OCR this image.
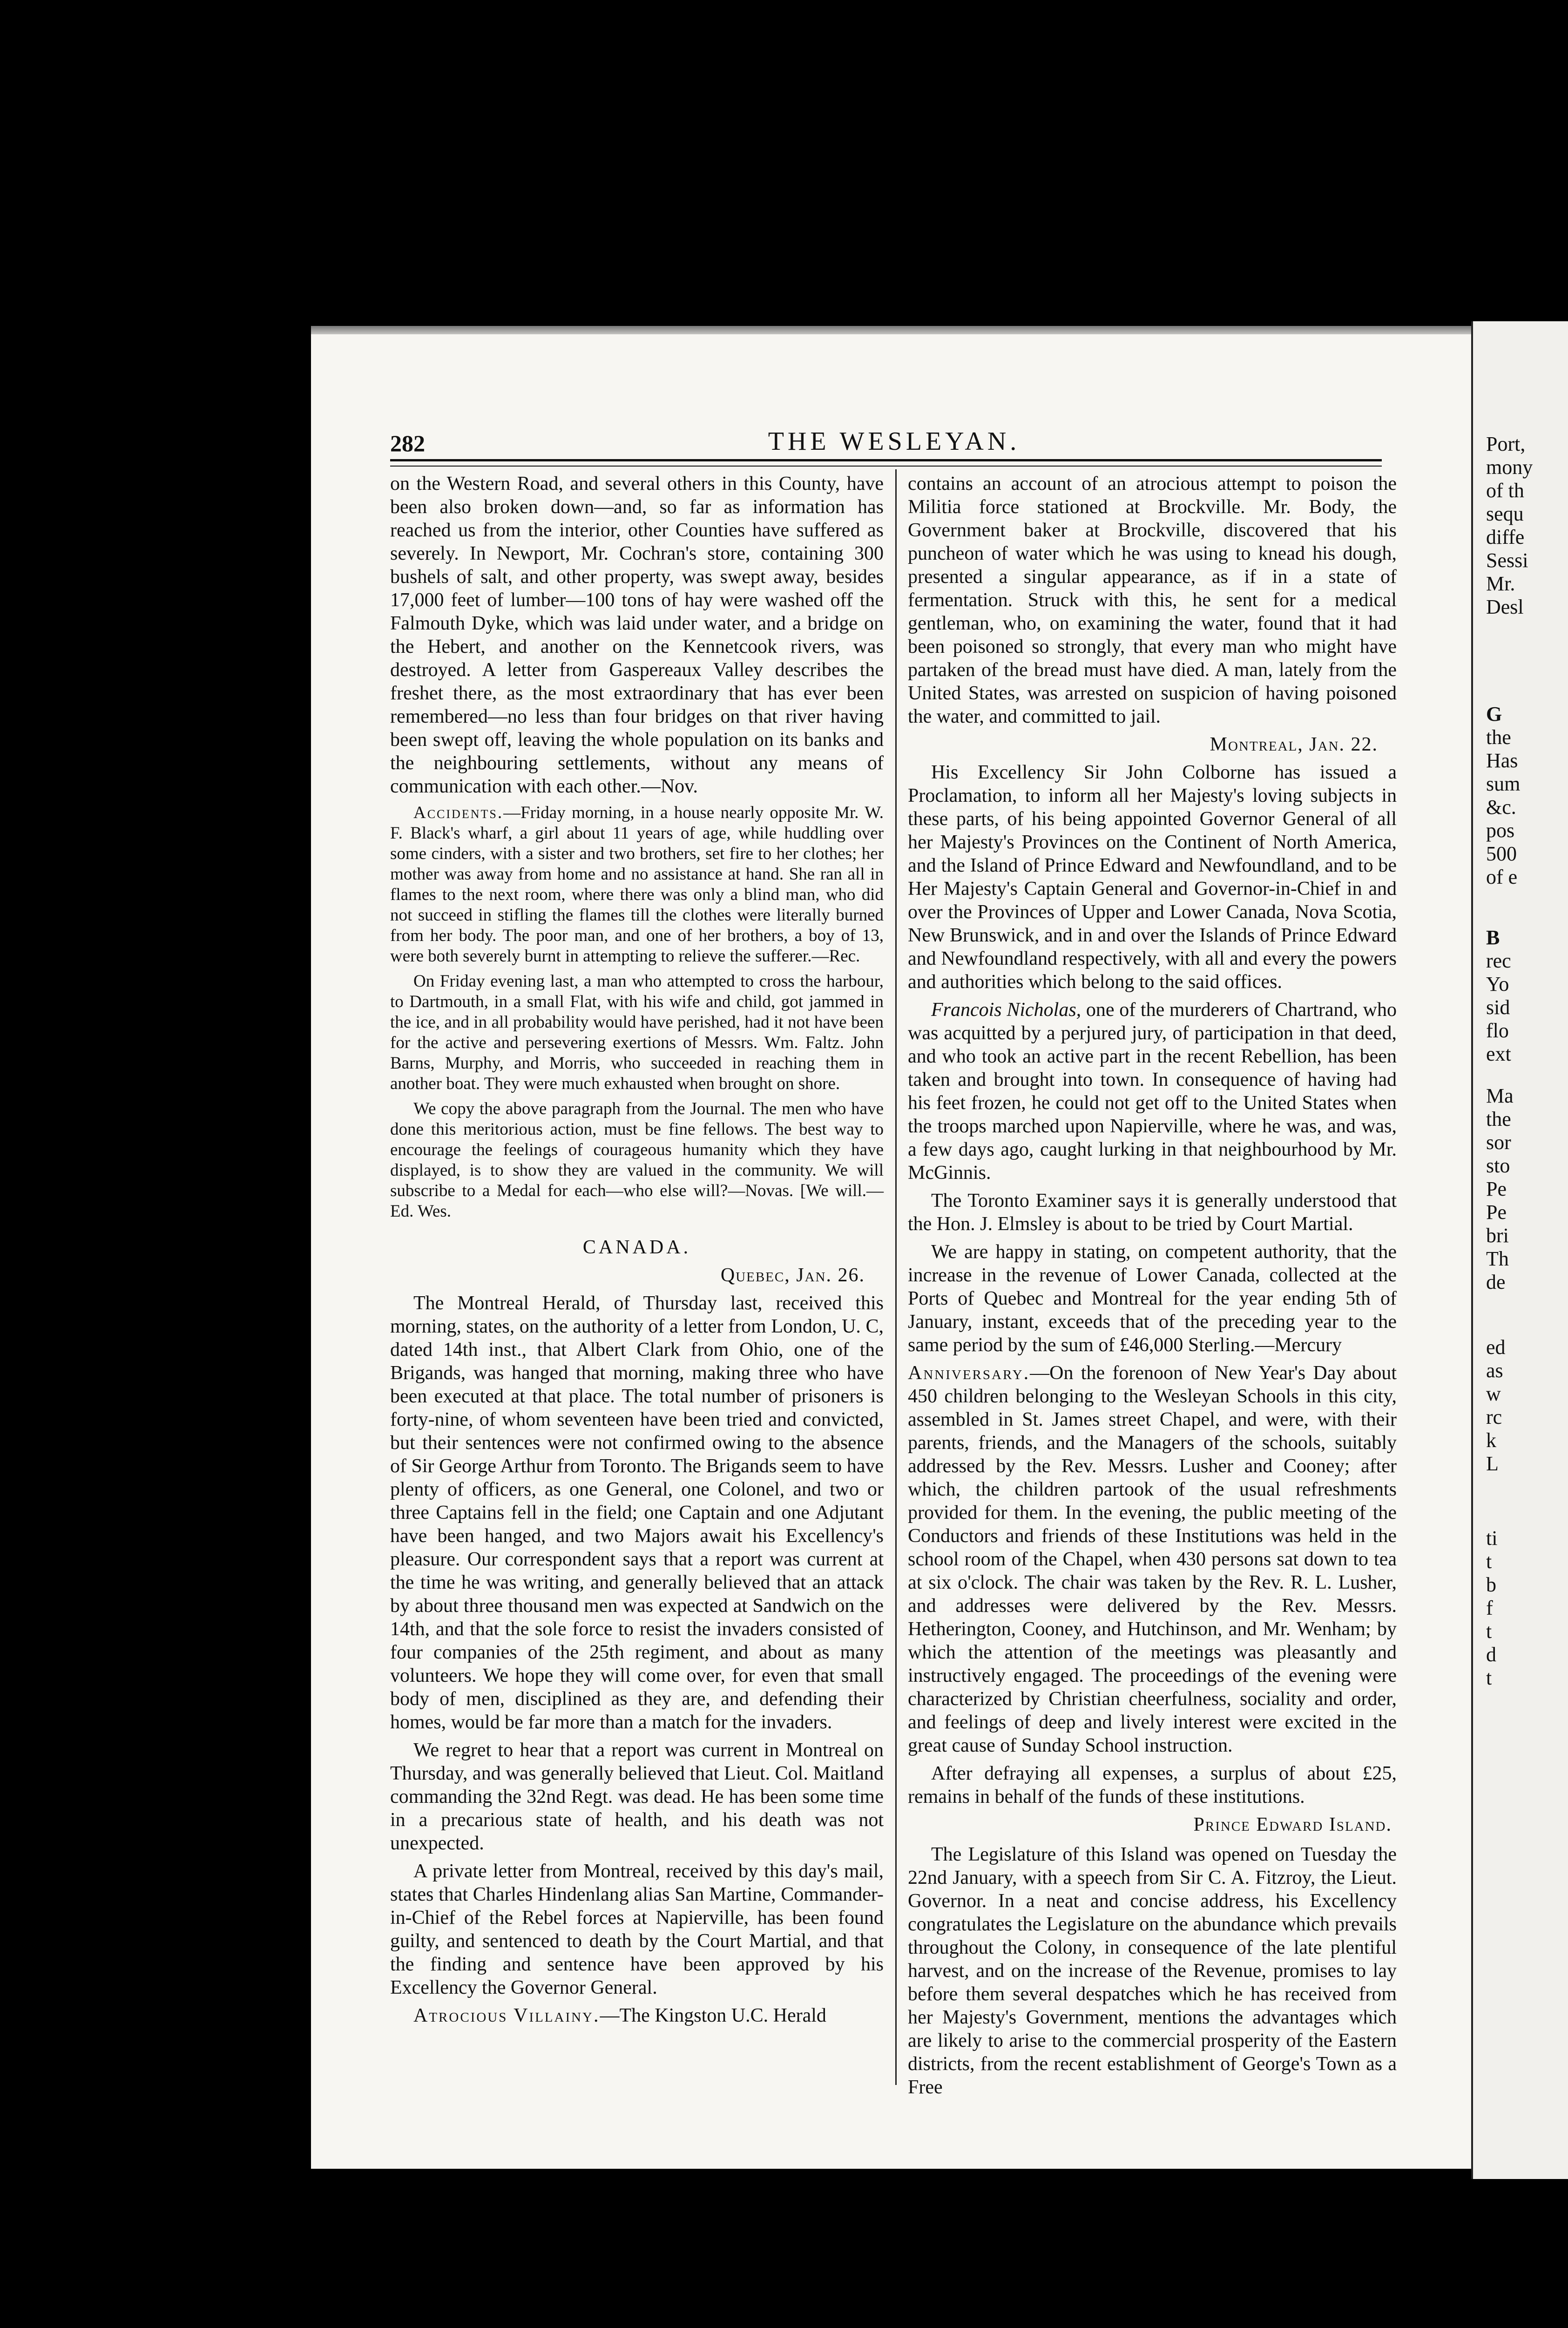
282	THE WESLEYAN.

on the Western Road, and several others in this County, have been also broken down—and, so far as information has reached us from the interior, other Counties have suffered as severely. In Newport, Mr. Cochran's store, containing 300 bushels of salt, and other property, was swept away, besides 17,000 feet of lumber—100 tons of hay were washed off the Falmouth Dyke, which was laid under water, and a bridge on the Hebert, and another on the Kennetcook rivers, was destroyed. A letter from Gaspereaux Valley describes the freshet there, as the most extraordinary that has ever been remembered—no less than four bridges on that river having been swept off, leaving the whole population on its banks and the neighbouring settlements, without any means of communication with each other.—Nov.

Accidents.—Friday morning, in a house nearly opposite Mr. W. F. Black's wharf, a girl about 11 years of age, while huddling over some cinders, with a sister and two brothers, set fire to her clothes; her mother was away from home and no assistance at hand. She ran all in flames to the next room, where there was only a blind man, who did not succeed in stifling the flames till the clothes were literally burned from her body. The poor man, and one of her brothers, a boy of 13, were both severely burnt in attempting to relieve the sufferer.—Rec.

On Friday evening last, a man who attempted to cross the harbour, to Dartmouth, in a small Flat, with his wife and child, got jammed in the ice, and in all probability would have perished, had it not have been for the active and persevering exertions of Messrs. Wm. Faltz. John Barns, Murphy, and Morris, who succeeded in reaching them in another boat. They were much exhausted when brought on shore.

We copy the above paragraph from the Journal. The men who have done this meritorious action, must be fine fellows. The best way to encourage the feelings of courageous humanity which they have displayed, is to show they are valued in the community. We will subscribe to a Medal for each—who else will?—Novas. [We will.—Ed. Wes.

CANADA.

Quebec, Jan. 26.

The Montreal Herald, of Thursday last, received this morning, states, on the authority of a letter from London, U. C, dated 14th inst., that Albert Clark from Ohio, one of the Brigands, was hanged that morning, making three who have been executed at that place. The total number of prisoners is forty-nine, of whom seventeen have been tried and convicted, but their sentences were not confirmed owing to the absence of Sir George Arthur from Toronto. The Brigands seem to have plenty of officers, as one General, one Colonel, and two or three Captains fell in the field; one Captain and one Adjutant have been hanged, and two Majors await his Excellency's pleasure. Our correspondent says that a report was current at the time he was writing, and generally believed that an attack by about three thousand men was expected at Sandwich on the 14th, and that the sole force to resist the invaders consisted of four companies of the 25th regiment, and about as many volunteers. We hope they will come over, for even that small body of men, disciplined as they are, and defending their homes, would be far more than a match for the invaders.

We regret to hear that a report was current in Montreal on Thursday, and was generally believed that Lieut. Col. Maitland commanding the 32nd Regt. was dead. He has been some time in a precarious state of health, and his death was not unexpected.

A private letter from Montreal, received by this day's mail, states that Charles Hindenlang alias San Martine, Commander-in-Chief of the Rebel forces at Napierville, has been found guilty, and sentenced to death by the Court Martial, and that the finding and sentence have been approved by his Excellency the Governor General.

Atrocious Villainy.—The Kingston U.C. Herald

contains an account of an atrocious attempt to poison the Militia force stationed at Brockville. Mr. Body, the Government baker at Brockville, discovered that his puncheon of water which he was using to knead his dough, presented a singular appearance, as if in a state of fermentation. Struck with this, he sent for a medical gentleman, who, on examining the water, found that it had been poisoned so strongly, that every man who might have partaken of the bread must have died. A man, lately from the United States, was arrested on suspicion of having poisoned the water, and committed to jail.

Montreal, Jan. 22.

His Excellency Sir John Colborne has issued a Proclamation, to inform all her Majesty's loving subjects in these parts, of his being appointed Governor General of all her Majesty's Provinces on the Continent of North America, and the Island of Prince Edward and Newfoundland, and to be Her Majesty's Captain General and Governor-in-Chief in and over the Provinces of Upper and Lower Canada, Nova Scotia, New Brunswick, and in and over the Islands of Prince Edward and Newfoundland respectively, with all and every the powers and authorities which belong to the said offices.

Francois Nicholas, one of the murderers of Chartrand, who was acquitted by a perjured jury, of participation in that deed, and who took an active part in the recent Rebellion, has been taken and brought into town. In consequence of having had his feet frozen, he could not get off to the United States when the troops marched upon Napierville, where he was, and was, a few days ago, caught lurking in that neighbourhood by Mr. McGinnis.

The Toronto Examiner says it is generally understood that the Hon. J. Elmsley is about to be tried by Court Martial.

We are happy in stating, on competent authority, that the increase in the revenue of Lower Canada, collected at the Ports of Quebec and Montreal for the year ending 5th of January, instant, exceeds that of the preceding year to the same period by the sum of £46,000 Sterling.—Mercury

Anniversary.—On the forenoon of New Year's Day about 450 children belonging to the Wesleyan Schools in this city, assembled in St. James street Chapel, and were, with their parents, friends, and the Managers of the schools, suitably addressed by the Rev. Messrs. Lusher and Cooney; after which, the children partook of the usual refreshments provided for them. In the evening, the public meeting of the Conductors and friends of these Institutions was held in the school room of the Chapel, when 430 persons sat down to tea at six o'clock. The chair was taken by the Rev. R. L. Lusher, and addresses were delivered by the Rev. Messrs. Hetherington, Cooney, and Hutchinson, and Mr. Wenham; by which the attention of the meetings was pleasantly and instructively engaged. The proceedings of the evening were characterized by Christian cheerfulness, sociality and order, and feelings of deep and lively interest were excited in the great cause of Sunday School instruction.

After defraying all expenses, a surplus of about £25, remains in behalf of the funds of these institutions.

Prince Edward Island.

The Legislature of this Island was opened on Tuesday the 22nd January, with a speech from Sir C. A. Fitzroy, the Lieut. Governor. In a neat and concise address, his Excellency congratulates the Legislature on the abundance which prevails throughout the Colony, in consequence of the late plentiful harvest, and on the increase of the Revenue, promises to lay before them several despatches which he has received from her Majesty's Government, mentions the advantages which are likely to arise to the commercial prosperity of the Eastern districts, from the recent establishment of George's Town as a Free

Port,
mony
of th
sequ
diffe
Sessi
Mr.
Desl
G
the
Has
sum
&c.
pos
500
of e
B
rec
Yo
sid
flo
ext
Ma
the
sor
sto
Pe
Pe
bri
Th
de
ed
as
w
rc
k
L
ti
t
b
f
t
d
t
